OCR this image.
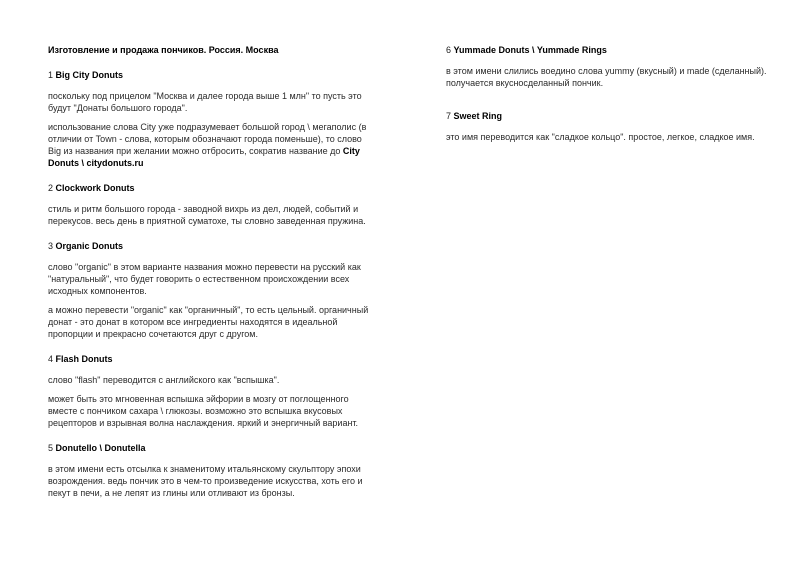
Изготовление и продажа пончиков. Россия. Москва
1 Big City Donuts
поскольку под прицелом "Москва и далее города выше 1 млн" то пусть это
будут "Донаты большого города".
использование слова City уже подразумевает большой город \ мегаполис (в
отличии от Town - слова, которым обозначают города поменьше), то слово
Big из названия при желании можно отбросить, сократив название до City
Donuts \ citydonuts.ru
2 Clockwork Donuts
стиль и ритм большого города - заводной вихрь из дел, людей, событий и
перекусов. весь день в приятной суматохе, ты словно заведенная пружина.
3 Organic Donuts
слово "organic" в этом варианте названия можно перевести на русский как
"натуральный", что будет говорить о естественном происхождении всех
исходных компонентов.
а можно перевести "organic" как "органичный", то есть цельный. органичный
донат - это донат в котором все ингредиенты находятся в идеальной
пропорции и прекрасно сочетаются друг с другом.
4 Flash Donuts
слово "flash" переводится с английского как "вспышка".
может быть это мгновенная вспышка эйфории в мозгу от поглощенного
вместе с пончиком сахара \ глюкозы. возможно это вспышка вкусовых
рецепторов и взрывная волна наслаждения. яркий и энергичный вариант.
5 Donutello \ Donutella
в этом имени есть отсылка к знаменитому итальянскому скульптору эпохи
возрождения. ведь пончик это в чем-то произведение искусства, хоть его и
пекут в печи, а не лепят из глины или отливают из бронзы.
6 Yummade Donuts \ Yummade Rings
в этом имени слились воедино слова yummy (вкусный) и made (сделанный).
получается вкусносделанный пончик.
7 Sweet Ring
это имя переводится как "сладкое кольцо". простое, легкое, сладкое имя.
